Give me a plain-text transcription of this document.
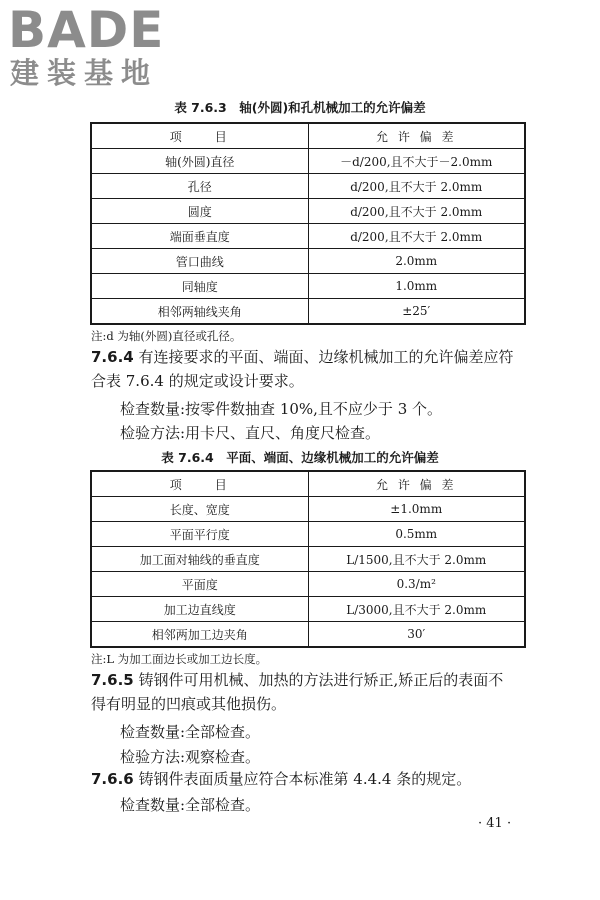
BADE
建装基地
表 7.6.3　轴(外圆)和孔机械加工的允许偏差
项　　目	允 许 偏 差
轴(外圆)直径	－d/200,且不大于－2.0mm
孔径	d/200,且不大于 2.0mm
圆度	d/200,且不大于 2.0mm
端面垂直度	d/200,且不大于 2.0mm
管口曲线	2.0mm
同轴度	1.0mm
相邻两轴线夹角	±25′
注:d 为轴(外圆)直径或孔径。
7.6.4 有连接要求的平面、端面、边缘机械加工的允许偏差应符
合表 7.6.4 的规定或设计要求。
检查数量:按零件数抽查 10%,且不应少于 3 个。
检验方法:用卡尺、直尺、角度尺检查。
表 7.6.4　平面、端面、边缘机械加工的允许偏差
项　　目	允 许 偏 差
长度、宽度	±1.0mm
平面平行度	0.5mm
加工面对轴线的垂直度	L/1500,且不大于 2.0mm
平面度	0.3/m²
加工边直线度	L/3000,且不大于 2.0mm
相邻两加工边夹角	30′
注:L 为加工面边长或加工边长度。
7.6.5 铸钢件可用机械、加热的方法进行矫正,矫正后的表面不
得有明显的凹痕或其他损伤。
检查数量:全部检查。
检验方法:观察检查。
7.6.6 铸钢件表面质量应符合本标准第 4.4.4 条的规定。
检查数量:全部检查。
· 41 ·
